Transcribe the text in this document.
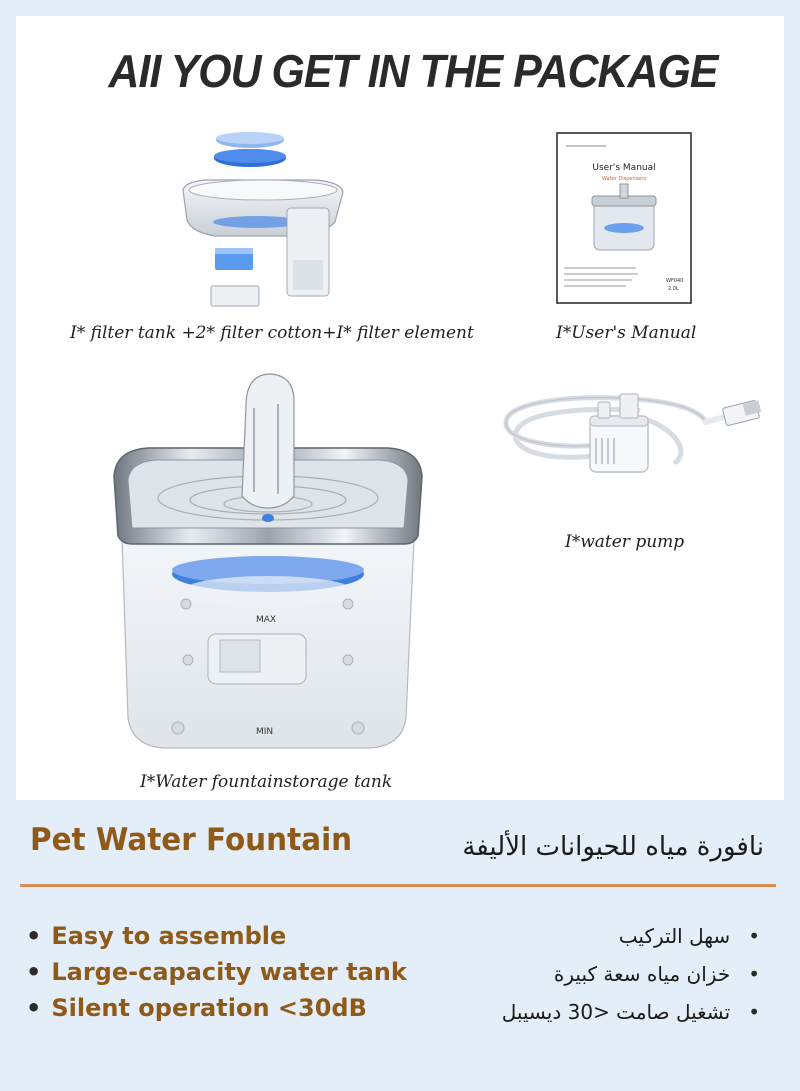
AII YOU GET IN THE PACKAGE
I* filter tank +2* filter cotton+I* filter element
User's Manual
Water Dispensers
WF040
2.0L
I*User's Manual
I*water pump
MAX
MIN
I*Water fountainstorage tank
Pet Water Fountain	نافورة مياه للحيوانات الأليفة
• Easy to assemble
• Large-capacity water tank
• Silent operation <30dB
•سهل التركيب
•خزان مياه سعة كبيرة
•تشغيل صامت <30 ديسيبل
